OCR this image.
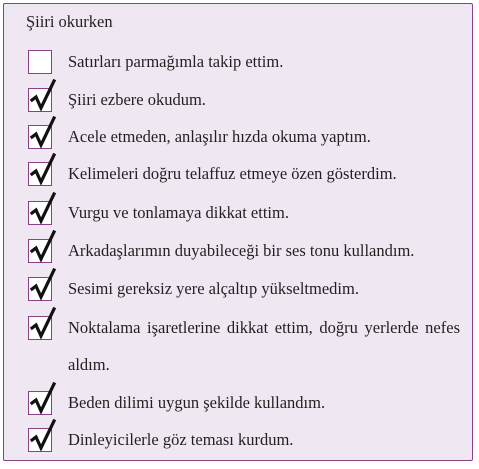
Şiiri okurken
Satırları parmağımla takip ettim.
Şiiri ezbere okudum.
Acele etmeden, anlaşılır hızda okuma yaptım.
Kelimeleri doğru telaffuz etmeye özen gösterdim.
Vurgu ve tonlamaya dikkat ettim.
Arkadaşlarımın duyabileceği bir ses tonu kullandım.
Sesimi gereksiz yere alçaltıp yükseltmedim.
Noktalama işaretlerine dikkat ettim, doğru yerlerde nefes aldım.
Beden dilimi uygun şekilde kullandım.
Dinleyicilerle göz teması kurdum.
